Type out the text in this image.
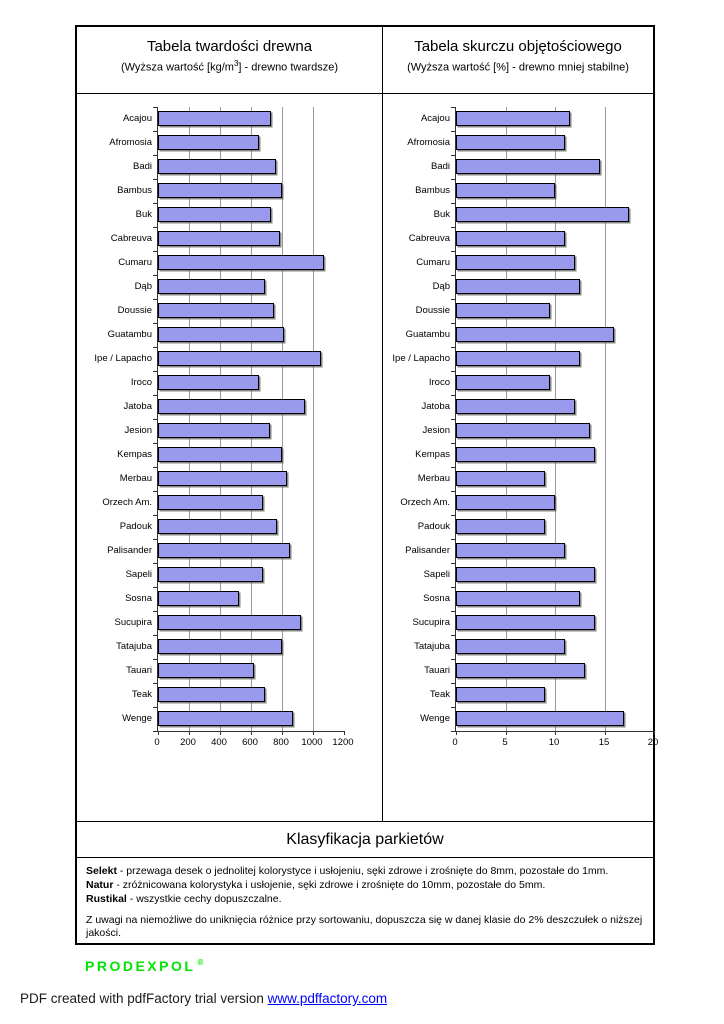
Tabela twardości drewna
(Wyższa wartość $[kg/m^3]$ - drewno twardsze)
Tabela skurczu objętościowego
(Wyższa wartość [%] - drewno mniej stabilne)
Acajou
Afromosia
Badi
Bambus
Buk
Cabreuva
Cumaru
Dąb
Doussie
Guatambu
Ipe / Lapacho
Iroco
Jatoba
Jesion
Kempas
Merbau
Orzech Am.
Padouk
Palisander
Sapeli
Sosna
Sucupira
Tatajuba
Tauari
Teak
Wenge
0	200	400	600	800	1000	1200
Acajou
Afromosia
Badi
Bambus
Buk
Cabreuva
Cumaru
Dąb
Doussie
Guatambu
Ipe / Lapacho
Iroco
Jatoba
Jesion
Kempas
Merbau
Orzech Am.
Padouk
Palisander
Sapeli
Sosna
Sucupira
Tatajuba
Tauari
Teak
Wenge
0	5	10	15	20
Klasyfikacja parkietów
Selekt - przewaga desek o jednolitej kolorystyce i usłojeniu, sęki zdrowe i zrośnięte do 8mm, pozostałe do 1mm.
Natur - zróżnicowana kolorystyka i usłojenie, sęki zdrowe i zrośnięte do 10mm, pozostałe do 5mm.
Rustikal - wszystkie cechy dopuszczalne.
Z uwagi na niemożliwe do uniknięcia różnice przy sortowaniu, dopuszcza się w danej klasie do 2% deszczułek o niższej jakości.
PRODEXPOL ®
PDF created with pdfFactory trial version www.pdffactory.com
